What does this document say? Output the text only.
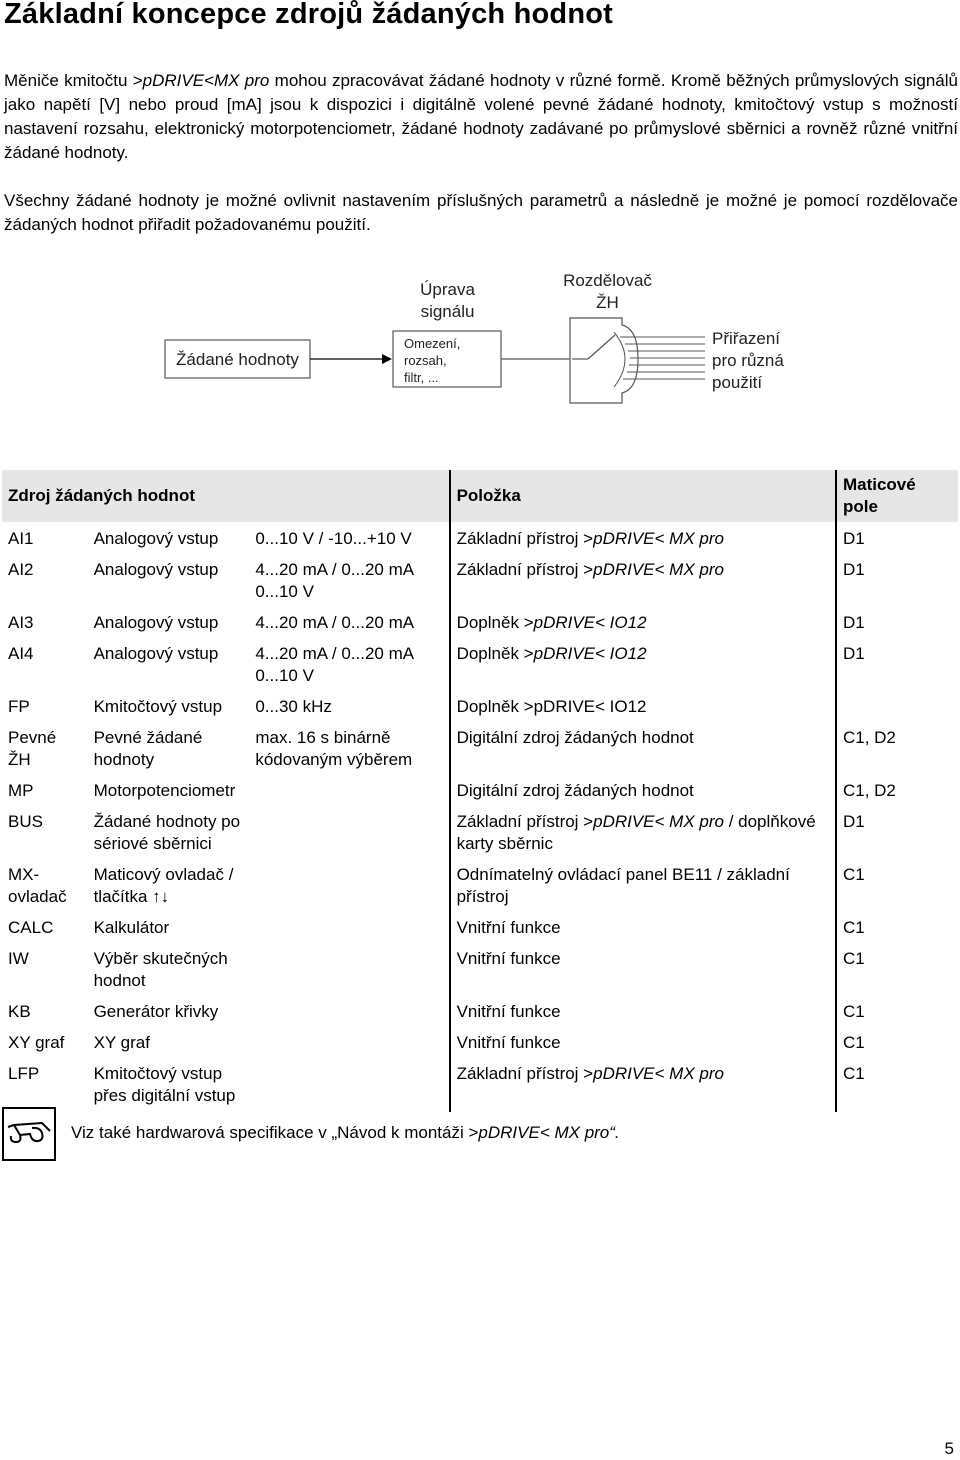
Základní koncepce zdrojů žádaných hodnot
Měniče kmitočtu >pDRIVE<MX pro mohou zpracovávat žádané hodnoty v různé formě. Kromě běžných průmyslových signálů jako napětí [V] nebo proud [mA] jsou k dispozici i digitálně volené pevné žádané hodnoty, kmitočtový vstup s možností nastavení rozsahu, elektronický motorpotenciometr, žádané hodnoty zadávané po průmyslové sběrnici a rovněž různé vnitřní žádané hodnoty.
Všechny žádané hodnoty je možné ovlivnit nastavením příslušných parametrů a následně je možné je pomocí rozdělovače žádaných hodnot přiřadit požadovanému použití.
Žádané hodnoty
Úprava
signálu
Omezení,
rozsah,
filtr, ...
Rozdělovač
ŽH
Přiřazení
pro různá
použití
Zdroj žádaných hodnot			Položka	Maticové
pole
AI1	Analogový vstup	0...10 V / -10...+10 V	Základní přístroj >pDRIVE< MX pro	D1
AI2	Analogový vstup	4...20 mA / 0...20 mA 0...10 V	Základní přístroj >pDRIVE< MX pro	D1
AI3	Analogový vstup	4...20 mA / 0...20 mA	Doplněk >pDRIVE< IO12	D1
AI4	Analogový vstup	4...20 mA / 0...20 mA 0...10 V	Doplněk >pDRIVE< IO12	D1
FP	Kmitočtový vstup	0...30 kHz	Doplněk >pDRIVE< IO12	
Pevné ŽH	Pevné žádané hodnoty	max. 16 s binárně kódovaným výběrem	Digitální zdroj žádaných hodnot	C1, D2
MP	Motorpotenciometr		Digitální zdroj žádaných hodnot	C1, D2
BUS	Žádané hodnoty po sériové sběrnici		Základní přístroj >pDRIVE< MX pro / doplňkové karty sběrnic	D1
MX-ovladač	Maticový ovladač / tlačítka ↑↓		Odnímatelný ovládací panel BE11 / základní přístroj	C1
CALC	Kalkulátor		Vnitřní funkce	C1
IW	Výběr skutečných hodnot		Vnitřní funkce	C1
KB	Generátor křivky		Vnitřní funkce	C1
XY graf	XY graf		Vnitřní funkce	C1
LFP	Kmitočtový vstup přes digitální vstup		Základní přístroj >pDRIVE< MX pro	C1
Viz také hardwarová specifikace v „Návod k montáži >pDRIVE< MX pro“.
5
